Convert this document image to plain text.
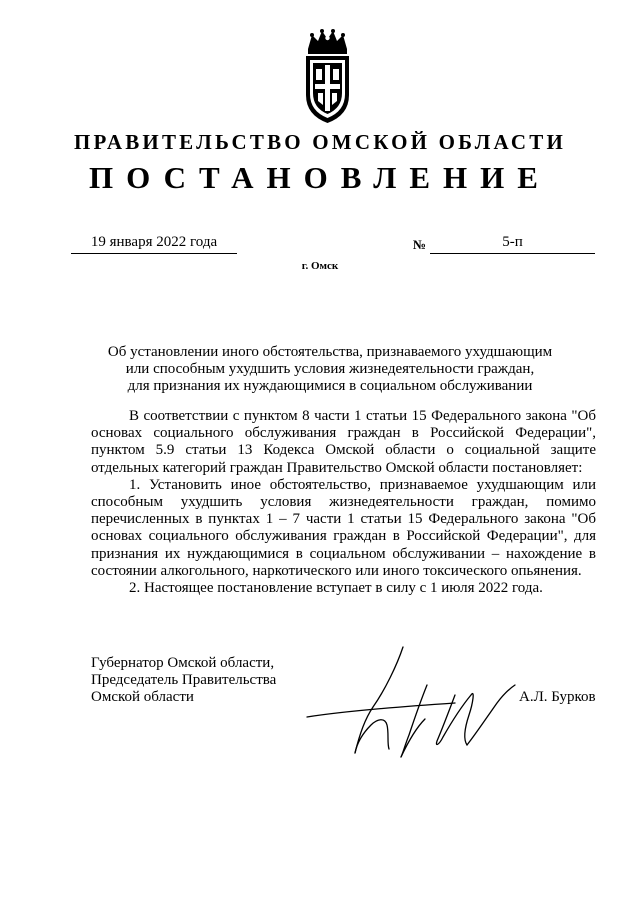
ПРАВИТЕЛЬСТВО ОМСКОЙ ОБЛАСТИ
ПОСТАНОВЛЕНИЕ
19 января 2022 года	№	5-п
г. Омск
Об установлении иного обстоятельства, признаваемого ухудшающим
или способным ухудшить условия жизнедеятельности граждан,
для признания их нуждающимися в социальном обслуживании

В соответствии с пунктом 8 части 1 статьи 15 Федерального закона "Об основах социального обслуживания граждан в Российской Федерации", пунктом 5.9 статьи 13 Кодекса Омской области о социальной защите отдельных категорий граждан Правительство Омской области постановляет:

1. Установить иное обстоятельство, признаваемое ухудшающим или способным ухудшить условия жизнедеятельности граждан, помимо перечисленных в пунктах 1 – 7 части 1 статьи 15 Федерального закона "Об основах социального обслуживания граждан в Российской Федерации", для признания их нуждающимися в социальном обслуживании – нахождение в состоянии алкогольного, наркотического или иного токсического опьянения.

2. Настоящее постановление вступает в силу с 1 июля 2022 года.

Губернатор Омской области,
Председатель Правительства
Омской области	А.Л. Бурков
